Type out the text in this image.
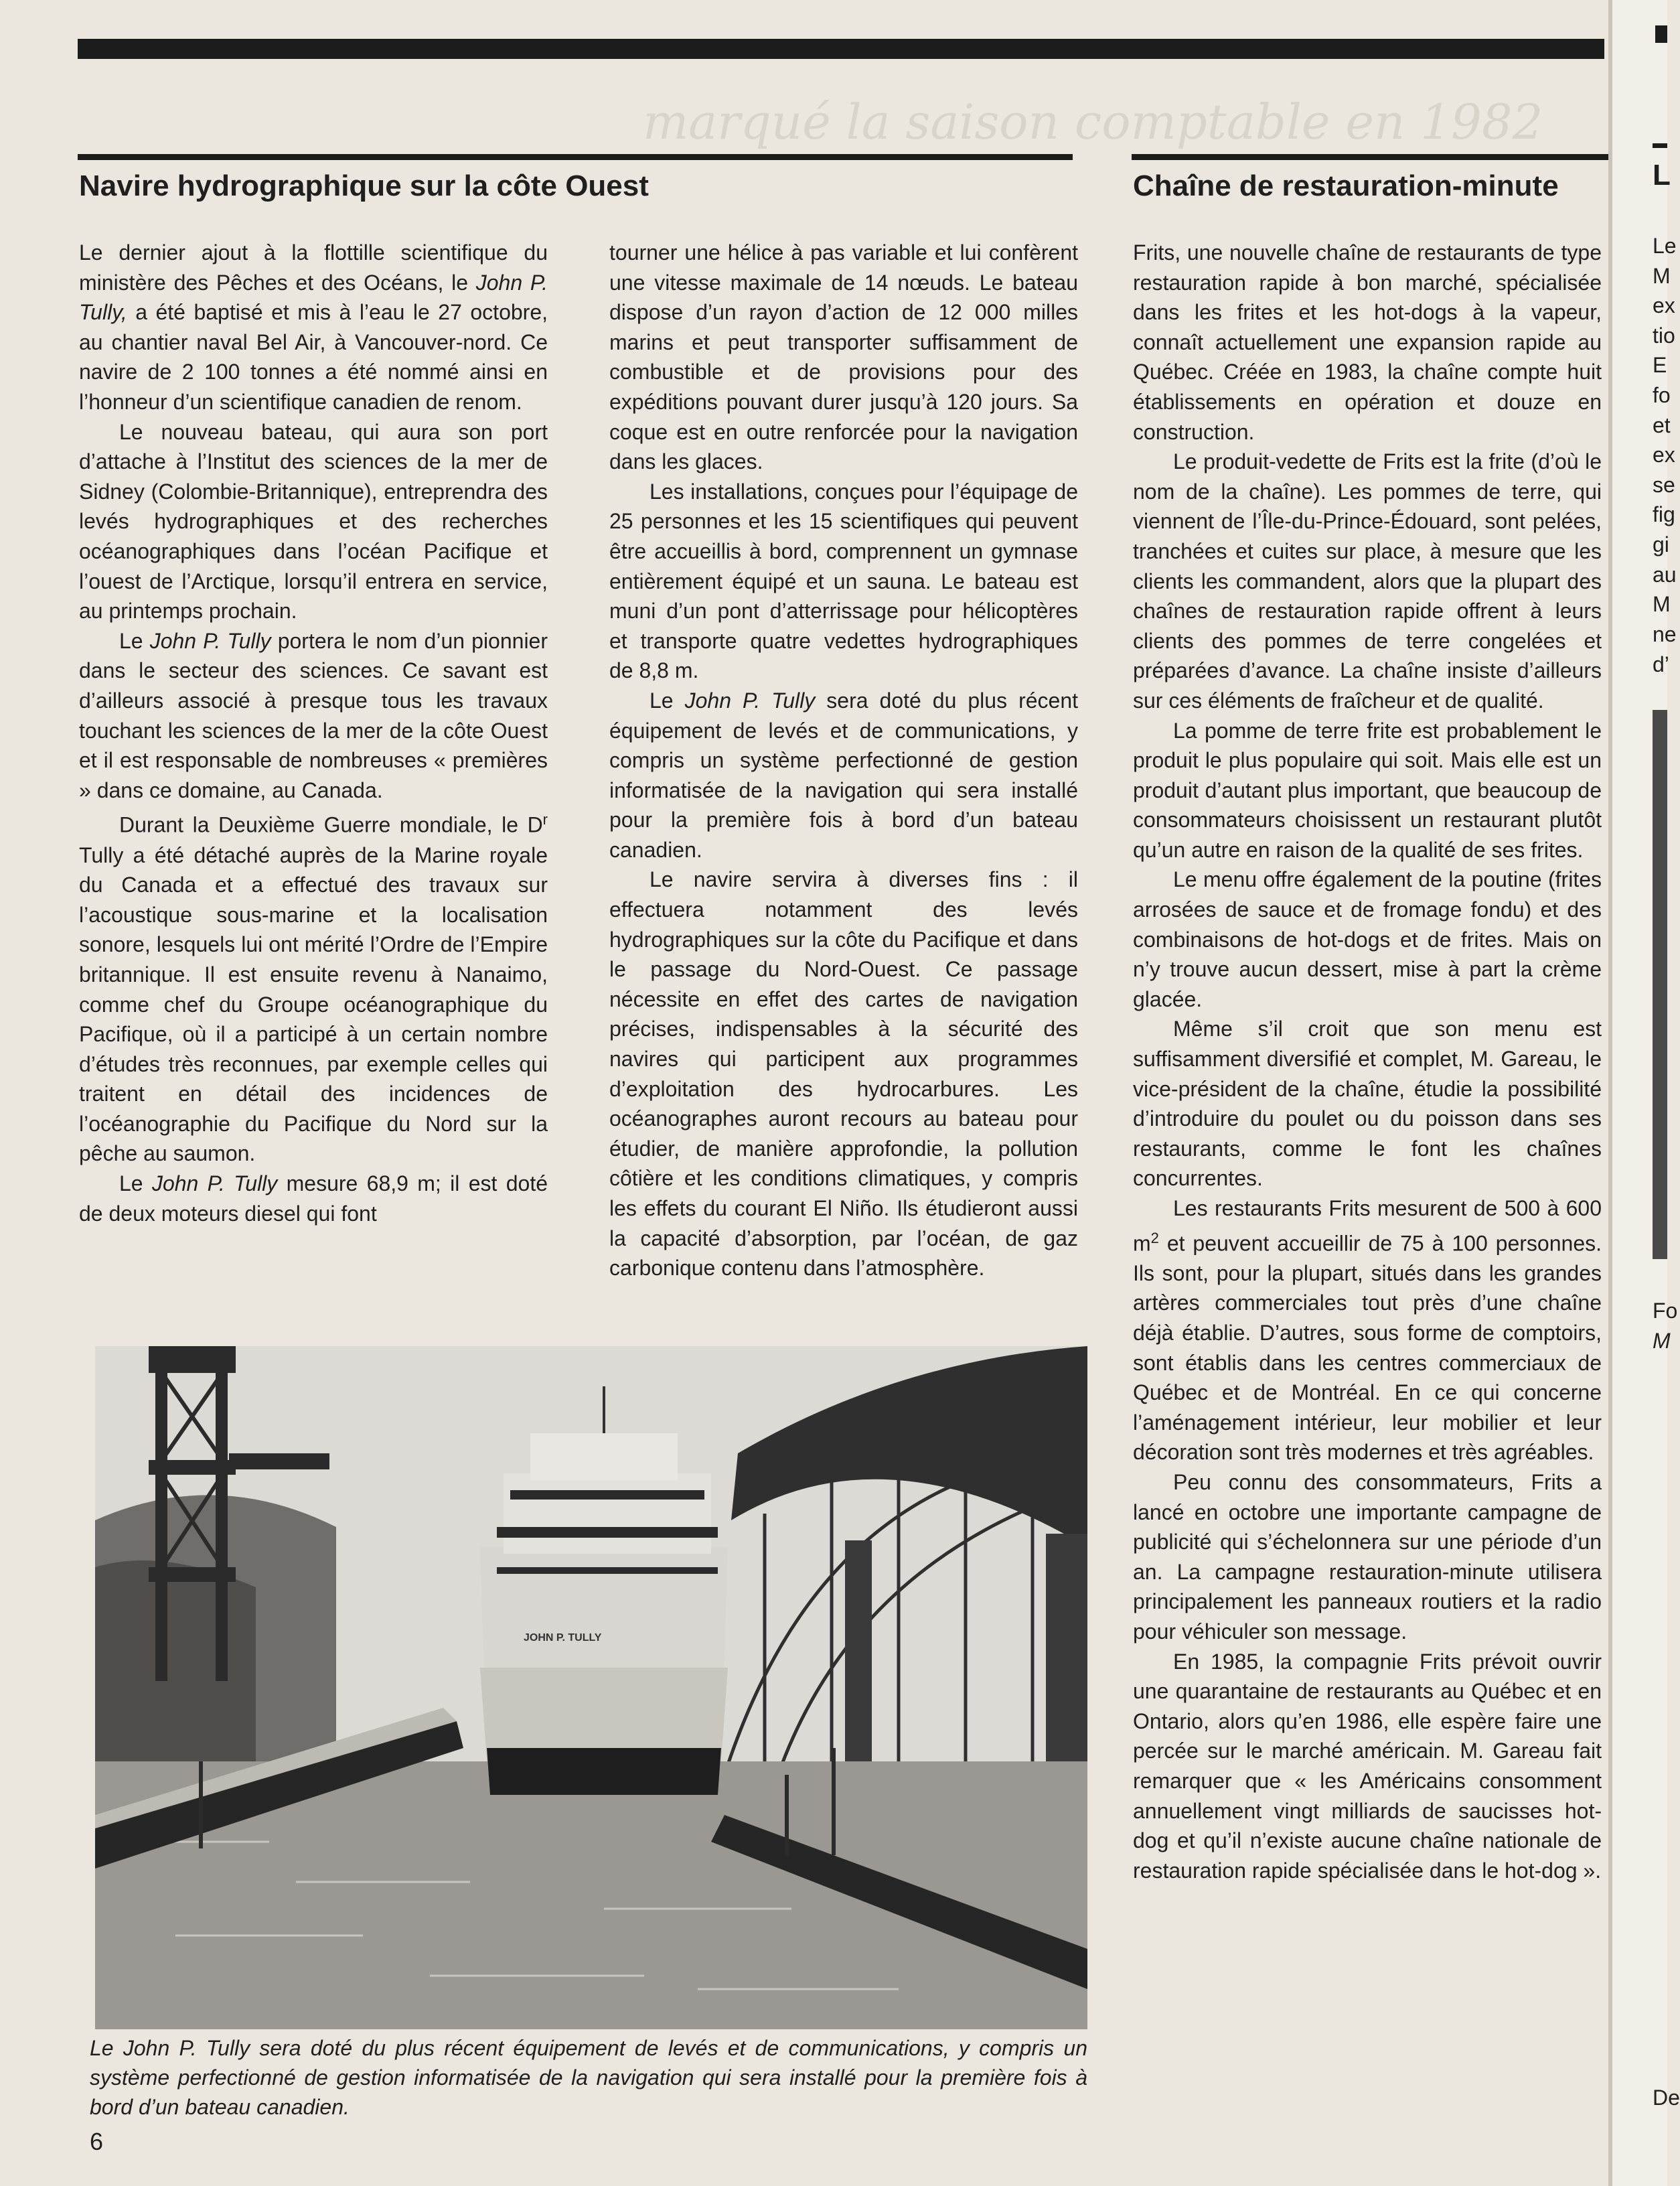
marqué la saison comptable en 1982
Navire hydrographique sur la côte Ouest

Le dernier ajout à la flottille scientifique du ministère des Pêches et des Océans, le John P. Tully, a été baptisé et mis à l’eau le 27 octobre, au chantier naval Bel Air, à Vancouver-nord. Ce navire de 2 100 tonnes a été nommé ainsi en l’honneur d’un scientifique canadien de renom.

Le nouveau bateau, qui aura son port d’attache à l’Institut des sciences de la mer de Sidney (Colombie-Britannique), entreprendra des levés hydrographiques et des recherches océanographiques dans l’océan Pacifique et l’ouest de l’Arctique, lorsqu’il entrera en service, au printemps prochain.

Le John P. Tully portera le nom d’un pionnier dans le secteur des sciences. Ce savant est d’ailleurs associé à presque tous les travaux touchant les sciences de la mer de la côte Ouest et il est responsable de nombreuses « premières » dans ce domaine, au Canada.

Durant la Deuxième Guerre mondiale, le $D^r$ Tully a été détaché auprès de la Marine royale du Canada et a effectué des travaux sur l’acoustique sous-marine et la localisation sonore, lesquels lui ont mérité l’Ordre de l’Empire britannique. Il est ensuite revenu à Nanaimo, comme chef du Groupe océanographique du Pacifique, où il a participé à un certain nombre d’études très reconnues, par exemple celles qui traitent en détail des incidences de l’océanographie du Pacifique du Nord sur la pêche au saumon.

Le John P. Tully mesure 68,9 m; il est doté de deux moteurs diesel qui font

tourner une hélice à pas variable et lui confèrent une vitesse maximale de 14 nœuds. Le bateau dispose d’un rayon d’action de 12 000 milles marins et peut transporter suffisamment de combustible et de provisions pour des expéditions pouvant durer jusqu’à 120 jours. Sa coque est en outre renforcée pour la navigation dans les glaces.

Les installations, conçues pour l’équipage de 25 personnes et les 15 scientifiques qui peuvent être accueillis à bord, comprennent un gymnase entièrement équipé et un sauna. Le bateau est muni d’un pont d’atterrissage pour hélicoptères et transporte quatre vedettes hydrographiques de 8,8 m.

Le John P. Tully sera doté du plus récent équipement de levés et de communications, y compris un système perfectionné de gestion informatisée de la navigation qui sera installé pour la première fois à bord d’un bateau canadien.

Le navire servira à diverses fins : il effectuera notamment des levés hydrographiques sur la côte du Pacifique et dans le passage du Nord-Ouest. Ce passage nécessite en effet des cartes de navigation précises, indispensables à la sécurité des navires qui participent aux programmes d’exploitation des hydrocarbures. Les océanographes auront recours au bateau pour étudier, de manière approfondie, la pollution côtière et les conditions climatiques, y compris les effets du courant El Niño. Ils étudieront aussi la capacité d’absorption, par l’océan, de gaz carbonique contenu dans l’atmosphère.

JOHN P. TULLY

Le John P. Tully sera doté du plus récent équipement de levés et de communications, y compris un système perfectionné de gestion informatisée de la navigation qui sera installé pour la première fois à bord d’un bateau canadien.

6
Chaîne de restauration-minute

Frits, une nouvelle chaîne de restaurants de type restauration rapide à bon marché, spécialisée dans les frites et les hot-dogs à la vapeur, connaît actuellement une expansion rapide au Québec. Créée en 1983, la chaîne compte huit établissements en opération et douze en construction.

Le produit-vedette de Frits est la frite (d’où le nom de la chaîne). Les pommes de terre, qui viennent de l’Île-du-Prince-Édouard, sont pelées, tranchées et cuites sur place, à mesure que les clients les commandent, alors que la plupart des chaînes de restauration rapide offrent à leurs clients des pommes de terre congelées et préparées d’avance. La chaîne insiste d’ailleurs sur ces éléments de fraîcheur et de qualité.

La pomme de terre frite est probablement le produit le plus populaire qui soit. Mais elle est un produit d’autant plus important, que beaucoup de consommateurs choisissent un restaurant plutôt qu’un autre en raison de la qualité de ses frites.

Le menu offre également de la poutine (frites arrosées de sauce et de fromage fondu) et des combinaisons de hot-dogs et de frites. Mais on n’y trouve aucun dessert, mise à part la crème glacée.

Même s’il croit que son menu est suffisamment diversifié et complet, M. Gareau, le vice-président de la chaîne, étudie la possibilité d’introduire du poulet ou du poisson dans ses restaurants, comme le font les chaînes concurrentes.

Les restaurants Frits mesurent de 500 à 600 $m^2$ et peuvent accueillir de 75 à 100 personnes. Ils sont, pour la plupart, situés dans les grandes artères commerciales tout près d’une chaîne déjà établie. D’autres, sous forme de comptoirs, sont établis dans les centres commerciaux de Québec et de Montréal. En ce qui concerne l’aménagement intérieur, leur mobilier et leur décoration sont très modernes et très agréables.

Peu connu des consommateurs, Frits a lancé en octobre une importante campagne de publicité qui s’échelonnera sur une période d’un an. La campagne restauration-minute utilisera principalement les panneaux routiers et la radio pour véhiculer son message.

En 1985, la compagnie Frits prévoit ouvrir une quarantaine de restaurants au Québec et en Ontario, alors qu’en 1986, elle espère faire une percée sur le marché américain. M. Gareau fait remarquer que « les Américains consomment annuellement vingt milliards de saucisses hot-dog et qu’il n’existe aucune chaîne nationale de restauration rapide spécialisée dans le hot-dog ».

L
Le
M
ex
tio
E
fo
et
ex
se
fig
gi
au
M
ne
d’
Fo
M
De
